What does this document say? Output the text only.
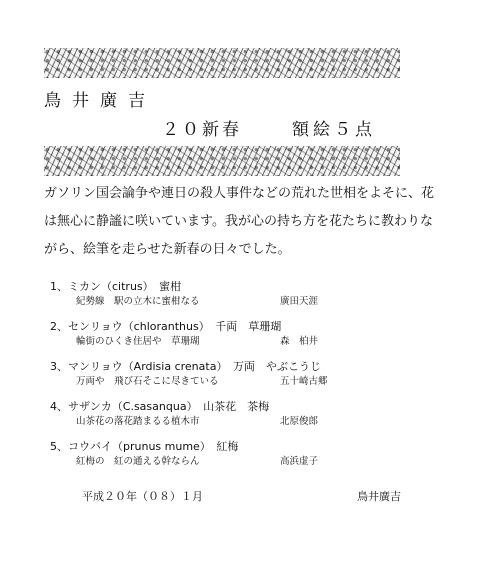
鳥井廣吉
２０新春	額絵５点

ガソリン国会論争や連日の殺人事件などの荒れた世相をよそに、花
は無心に静謐に咲いています。我が心の持ち方を花たちに教わりな
がら、絵筆を走らせた新春の日々でした。

1、ミカン（citrus）　蜜柑
紀勢線　駅の立木に蜜柑なる	廣田天涯
2、センリョウ（chloranthus）　千両　草珊瑚
輪街のひくき住居や　草珊瑚	森　柏井
3、マンリョウ（Ardisia crenata）　万両　やぶこうじ
万両や　飛び石そこに尽きている	五十崎古郷
4、サザンカ（C.sasanqua）　山茶花　茶梅
山茶花の落花踏まるる植木市	北原俊郎
5、コウバイ（prunus mume）　紅梅
紅梅の　紅の通える幹ならん	高浜虚子
平成２０年（０８）１月	鳥井廣吉
